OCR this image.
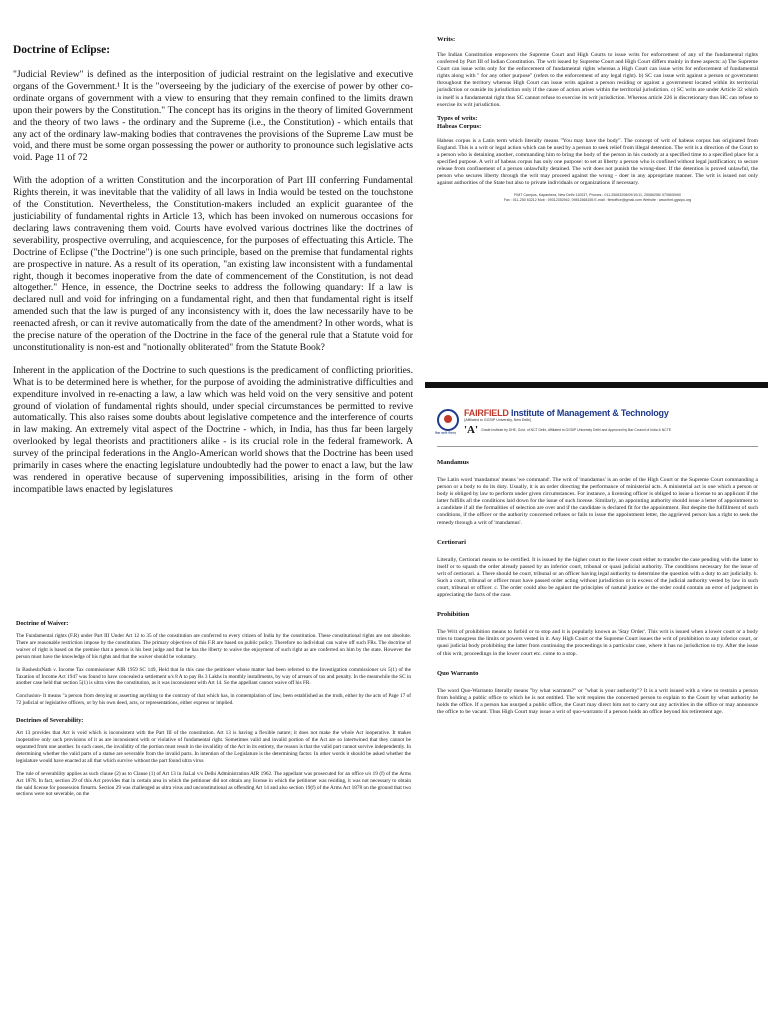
Doctrine of Eclipse:

"Judicial Review" is defined as the interposition of judicial restraint on the legislative and executive organs of the Government.¹ It is the "overseeing by the judiciary of the exercise of power by other co-ordinate organs of government with a view to ensuring that they remain confined to the limits drawn upon their powers by the Constitution." The concept has its origins in the theory of limited Government and the theory of two laws - the ordinary and the Supreme (i.e., the Constitution) - which entails that any act of the ordinary law-making bodies that contravenes the provisions of the Supreme Law must be void, and there must be some organ possessing the power or authority to pronounce such legislative acts void. Page 11 of 72

With the adoption of a written Constitution and the incorporation of Part III conferring Fundamental Rights therein, it was inevitable that the validity of all laws in India would be tested on the touchstone of the Constitution. Nevertheless, the Constitution-makers included an explicit guarantee of the justiciability of fundamental rights in Article 13, which has been invoked on numerous occasions for declaring laws contravening them void. Courts have evolved various doctrines like the doctrines of severability, prospective overruling, and acquiescence, for the purposes of effectuating this Article. The Doctrine of Eclipse ("the Doctrine") is one such principle, based on the premise that fundamental rights are prospective in nature. As a result of its operation, "an existing law inconsistent with a fundamental right, though it becomes inoperative from the date of commencement of the Constitution, is not dead altogether." Hence, in essence, the Doctrine seeks to address the following quandary: If a law is declared null and void for infringing on a fundamental right, and then that fundamental right is itself amended such that the law is purged of any inconsistency with it, does the law necessarily have to be reenacted afresh, or can it revive automatically from the date of the amendment? In other words, what is the precise nature of the operation of the Doctrine in the face of the general rule that a Statute void for unconstitutionality is non-est and "notionally obliterated" from the Statute Book?

Inherent in the application of the Doctrine to such questions is the predicament of conflicting priorities. What is to be determined here is whether, for the purpose of avoiding the administrative difficulties and expenditure involved in re-enacting a law, a law which was held void on the very sensitive and potent ground of violation of fundamental rights should, under special circumstances be permitted to revive automatically. This also raises some doubts about legislative competence and the interference of courts in law making. An extremely vital aspect of the Doctrine - which, in India, has thus far been largely overlooked by legal theorists and practitioners alike - is its crucial role in the federal framework. A survey of the principal federations in the Anglo-American world shows that the Doctrine has been used primarily in cases where the enacting legislature undoubtedly had the power to enact a law, but the law was rendered in operative because of supervening impossibilities, arising in the form of other incompatible laws enacted by legislatures

Doctrine of Waiver:

The Fundamental rights (F.R) under Part III Under Art 12 to 35 of the constitution are conferred to every citizen of India by the constitution. These constitutional rights are not absolute. There are reasonable restriction impose by the constitution. The primary objectives of this F.R are based on public policy. Therefore no individual can waive off such FRs. The doctrine of waiver of right is based on the premise that a person is his best judge and that he has the liberty to waive the enjoyment of such right as are conferred on him by the state. However the person must have the knowledge of his rights and that the waiver should be voluntary.

In BasheshrNath v. Income Tax commissioner AIR 1959 SC 149, Held that In this case the petitioner whose matter had been referred to the Investigation commissioner u/s 5(1) of the Taxation of Income Act 1947 was found to have concealed a settlement u/s 8 A to pay Rs 3 Lakhs in monthly installments, by way of arrears of tax and penalty. In the meanwhile the SC in another case held that section 5(1) is ultra vires the constitution, as it was inconsistent with Art 14. So the appellant cannot waive off his FR.

Conclusion- It means "a person from denying or asserting anything to the contrary of that which has, in contemplation of law, been established as the truth, either by the acts of Page 17 of 72 judicial or legislative officers, or by his own deed, acts, or representations, either express or implied.

Doctrines of Severability:

Art 13 provides that Act is void which is inconsistent with the Part III of the constitution. Art 13 is having a flexible nature; it does not make the whole Act inoperative. It makes inoperative only such provisions of it as are inconsistent with or violative of fundamental right. Sometimes valid and invalid portion of the Act are so intertwined that they cannot be separated from one another. In such cases, the invalidity of the portion must result in the invalidity of the Act in its entirety, the reason is that the valid part cannot survive independently. In determining whether the valid parts of a statue are severable from the invalid parts. In intention of the Legislature is the determining factor. In other words it should be asked whether the legislature would have enacted at all that which survive without the part found ultra virus

The rule of severability applies as such clause (2) as to Clause (1) of Art 13 in JiaLal v/s Delhi Administration AIR 1962. The appellant was prosecuted for an office u/s 19 (f) of the Arms Act 1878. In fact, section 29 of this Act provides that in certain area in which the petitioner did not obtain any license in which the petitioner was residing, it was not necessary to obtain the said license for possession firearm. Section 29 was challenged as ultra virus and unconstitutional as offending Art 14 and also section 19(f) of the Arms Act 1878 on the ground that two sections were not severable, on the

Writs:

The Indian Constitution empowers the Supreme Court and High Courts to issue writs for enforcement of any of the fundamental rights conferred by Part III of Indian Constitution. The writ issued by Supreme Court and High Court differs mainly in three aspects: a) The Supreme Court can issue writs only for the enforcement of fundamental rights whereas a High Court can issue writs for enforcement of fundamental rights along with " for any other purpose" (refers to the enforcement of any legal right). b) SC can issue writ against a person or government throughout the territory whereas High Court can issue writs against a person residing or against a government located within its territorial jurisdiction or outside its jurisdiction only if the cause of action arises within the territorial jurisdiction. c) SC writs are under Article 32 which in itself is a fundamental right thus SC cannot refuse to exercise its writ jurisdiction. Whereas article 226 is discretionary thus HC can refuse to exercise its writ jurisdiction.

Types of writs:
Habeas Corpus:

Habeas corpus is a Latin term which literally means "You may have the body". The concept of writ of habeas corpus has originated from England. This is a writ or legal action which can be used by a person to seek relief from illegal detention. The writ is a direction of the Court to a person who is detaining another, commanding him to bring the body of the person in his custody at a specified time to a specified place for a specified purpose. A writ of habeas corpus has only one purpose: to set at liberty a person who is confined without legal justification; to secure release from confinement of a person unlawfully detained. The writ does not punish the wrong-doer. If the detention is proved unlawful, the person who secures liberty through the writ may proceed against the wrong - doer in any appropriate manner. The writ is issued not only against authorities of the State but also to private individuals or organizations if necessary.

FIMT Campus, Kapashera, New Delhi 110037, Phones : 011-25063208/09/10/11, 25066256/ 57/58/59/60
Fax : 011-250 63212 Mob : 09312352942, 09811568155 E-mail : fimtoffice@gmail.com Website : www.fimt-ggsipu.org
विद्या ददाति विनयम्
FAIRFIELD Institute of Management & Technology
(Affiliated to GGSIP University, New Delhi)
'A' Grade Institute by DHE, Govt. of NCT Delhi, Affiliated to GGSIP University Delhi and Approved by Bar Council of India & NCTE
Mandamus

The Latin word 'mandamus' means 'we command'. The writ of 'mandamus' is an order of the High Court or the Supreme Court commanding a person or a body to do its duty. Usually, it is an order directing the performance of ministerial acts. A ministerial act is one which a person or body is obliged by law to perform under given circumstances. For instance, a licensing officer is obliged to issue a license to an applicant if the latter fulfills all the conditions laid down for the issue of such license. Similarly, an appointing authority should issue a letter of appointment to a candidate if all the formalities of selection are over and if the candidate is declared fit for the appointment. But despite the fulfillment of such conditions, if the officer or the authority concerned refuses or fails to issue the appointment letter, the aggrieved person has a right to seek the remedy through a writ of 'mandamus'.

Certiorari

Literally, Certiorari means to be certified. It is issued by the higher court to the lower court either to transfer the case pending with the latter to itself or to squash the order already passed by an inferior court, tribunal or quasi judicial authority. The conditions necessary for the issue of writ of certiorari. a. There should be court, tribunal or an officer having legal authority to determine the question with a duty to act judicially. b. Such a court, tribunal or officer must have passed order acting without jurisdiction or in excess of the judicial authority vested by law in such court, tribunal or officer. c. The order could also be against the principles of natural justice or the order could contain an error of judgment in appreciating the facts of the case.

Prohibition

The Writ of prohibition means to forbid or to stop and it is popularly known as 'Stay Order'. This writ is issued when a lower court or a body tries to transgress the limits or powers vested in it. Any High Court or the Supreme Court issues the writ of prohibition to any inferior court, or quasi judicial body prohibiting the latter from continuing the proceedings in a particular case, where it has no jurisdiction to try. After the issue of this writ, proceedings in the lower court etc. come to a stop.

Quo Warranto

The word Quo-Warranto literally means "by what warrants?" or "what is your authority"? It is a writ issued with a view to restrain a person from holding a public office to which he is not entitled. The writ requires the concerned person to explain to the Court by what authority he holds the office. If a person has usurped a public office, the Court may direct him not to carry out any activities in the office or may announce the office to be vacant. Thus High Court may issue a writ of quo-warranto if a person holds an office beyond his retirement age.
